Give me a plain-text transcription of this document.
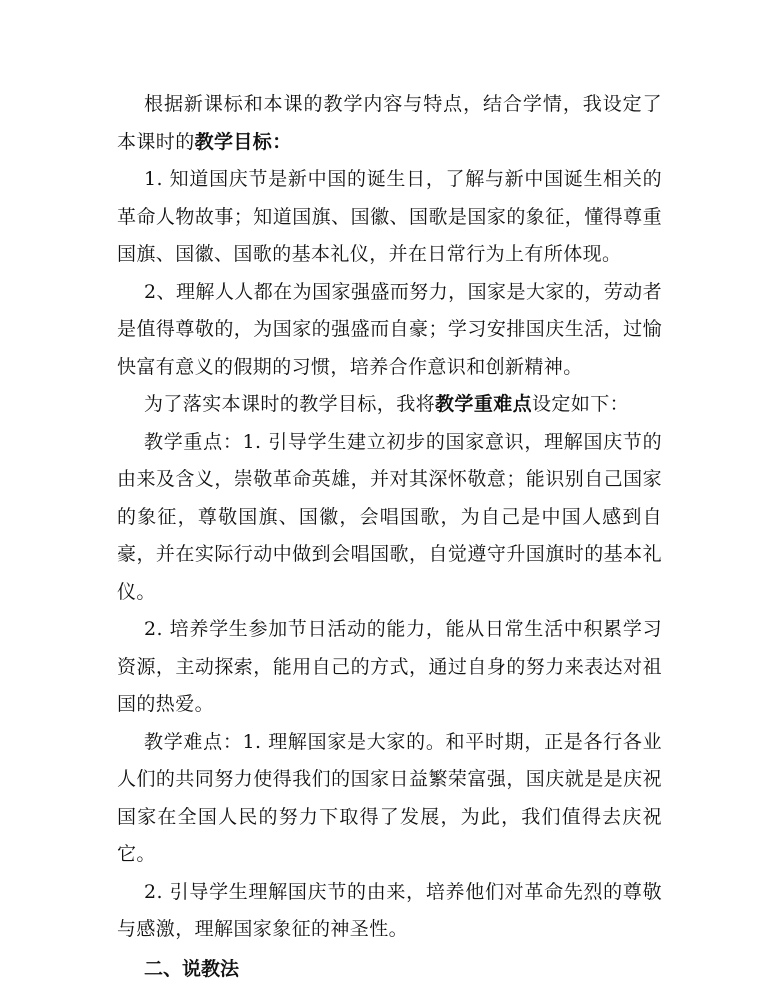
根据新课标和本课的教学内容与特点，结合学情，我设定了本课时的教学目标：

1. 知道国庆节是新中国的诞生日，了解与新中国诞生相关的革命人物故事；知道国旗、国徽、国歌是国家的象征，懂得尊重国旗、国徽、国歌的基本礼仪，并在日常行为上有所体现。

2、理解人人都在为国家强盛而努力，国家是大家的，劳动者是值得尊敬的，为国家的强盛而自豪；学习安排国庆生活，过愉快富有意义的假期的习惯，培养合作意识和创新精神。

为了落实本课时的教学目标，我将教学重难点设定如下：

教学重点：1. 引导学生建立初步的国家意识，理解国庆节的由来及含义，崇敬革命英雄，并对其深怀敬意；能识别自己国家的象征，尊敬国旗、国徽，会唱国歌，为自己是中国人感到自豪，并在实际行动中做到会唱国歌，自觉遵守升国旗时的基本礼仪。

2. 培养学生参加节日活动的能力，能从日常生活中积累学习资源，主动探索，能用自己的方式，通过自身的努力来表达对祖国的热爱。

教学难点：1. 理解国家是大家的。和平时期，正是各行各业人们的共同努力使得我们的国家日益繁荣富强，国庆就是是庆祝国家在全国人民的努力下取得了发展，为此，我们值得去庆祝它。

2. 引导学生理解国庆节的由来，培养他们对革命先烈的尊敬与感激，理解国家象征的神圣性。

二、说教法
